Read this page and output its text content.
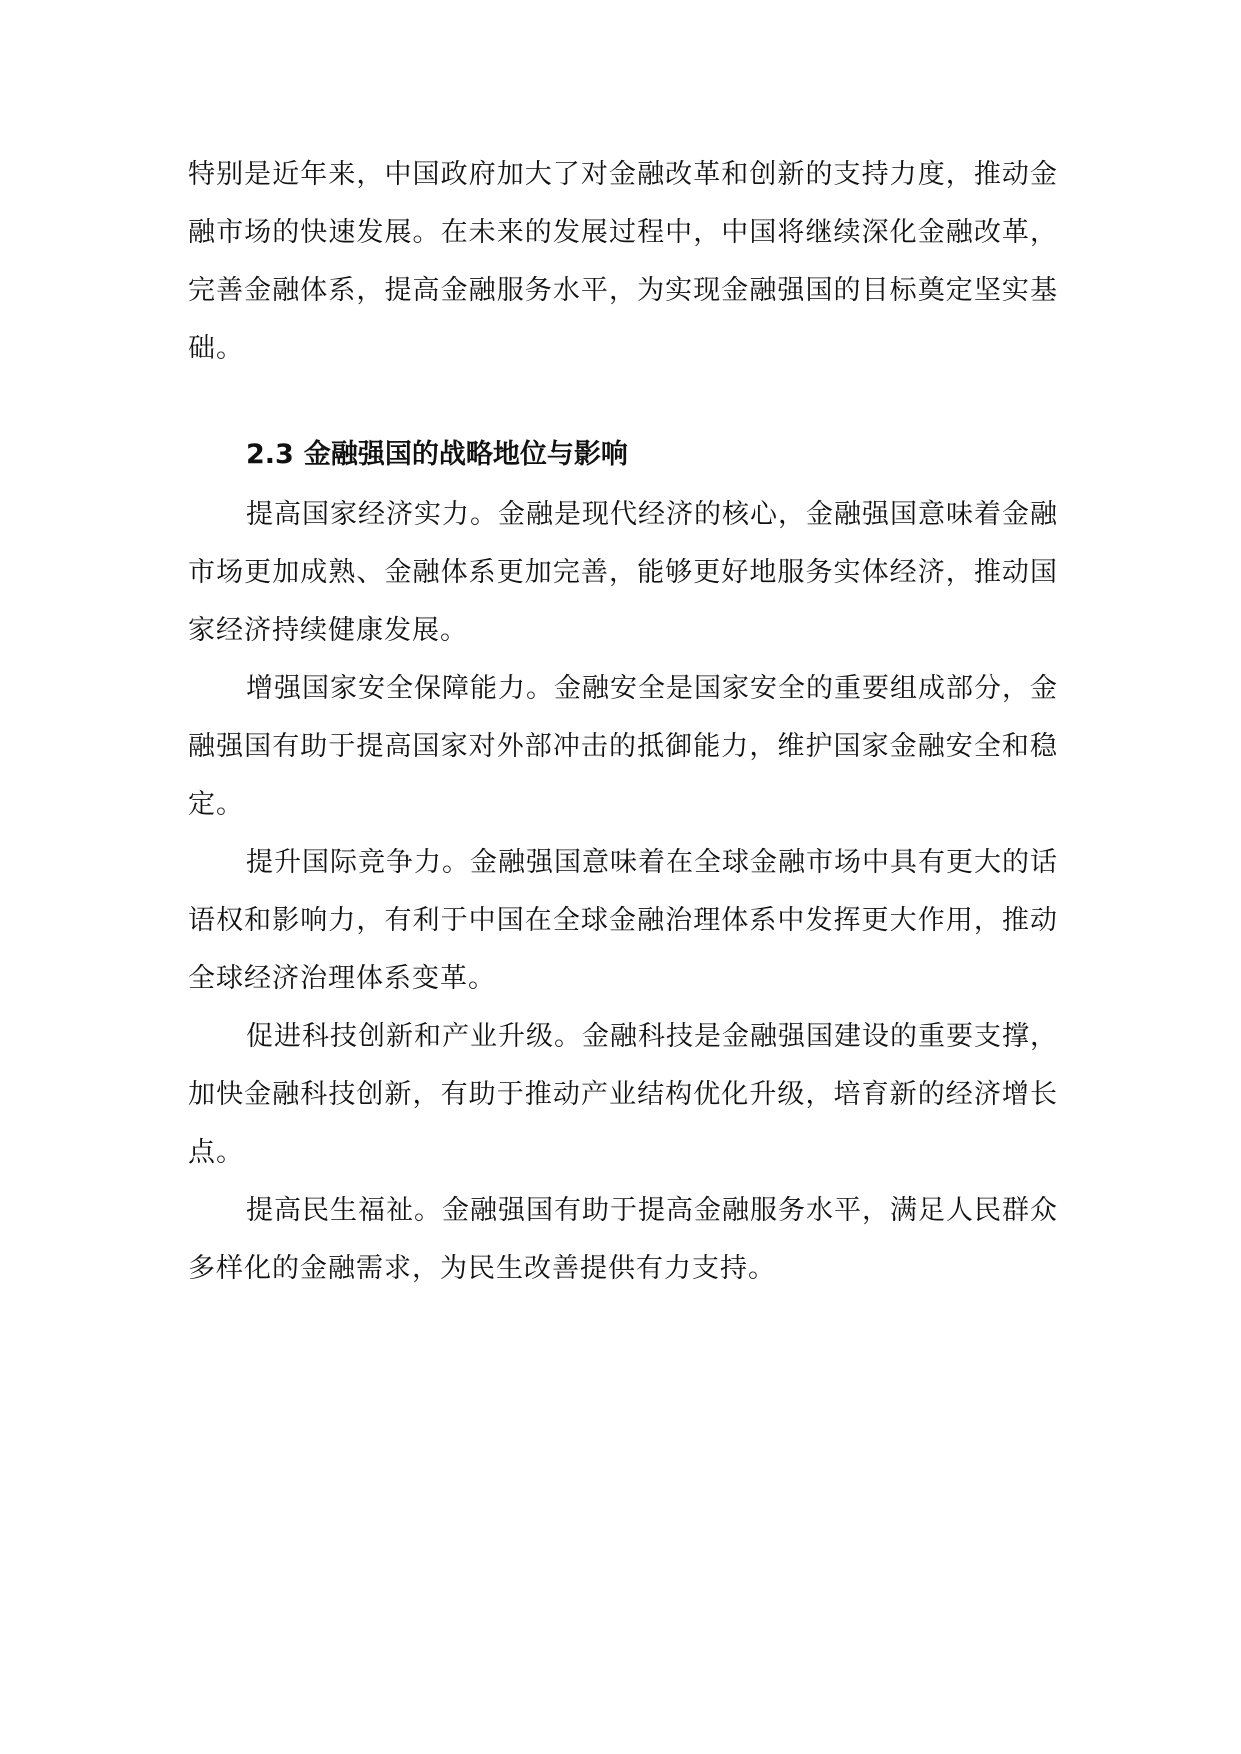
特别是近年来，中国政府加大了对金融改革和创新的支持力度，推动金融市场的快速发展。在未来的发展过程中，中国将继续深化金融改革，完善金融体系，提高金融服务水平，为实现金融强国的目标奠定坚实基础。

2.3 金融强国的战略地位与影响

提高国家经济实力。金融是现代经济的核心，金融强国意味着金融市场更加成熟、金融体系更加完善，能够更好地服务实体经济，推动国家经济持续健康发展。

增强国家安全保障能力。金融安全是国家安全的重要组成部分，金融强国有助于提高国家对外部冲击的抵御能力，维护国家金融安全和稳定。

提升国际竞争力。金融强国意味着在全球金融市场中具有更大的话语权和影响力，有利于中国在全球金融治理体系中发挥更大作用，推动全球经济治理体系变革。

促进科技创新和产业升级。金融科技是金融强国建设的重要支撑，加快金融科技创新，有助于推动产业结构优化升级，培育新的经济增长点。

提高民生福祉。金融强国有助于提高金融服务水平，满足人民群众多样化的金融需求，为民生改善提供有力支持。
